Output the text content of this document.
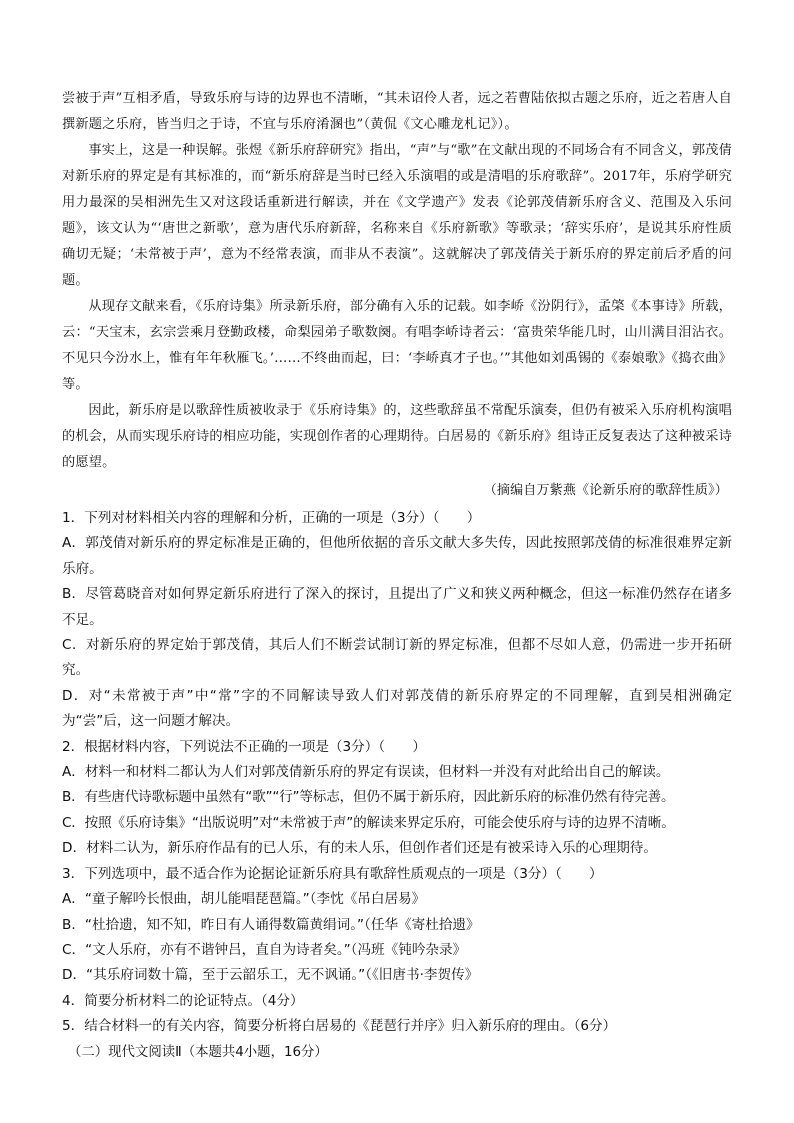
尝被于声”互相矛盾，导致乐府与诗的边界也不清晰，“其未诏伶人者，远之若曹陆依拟古题之乐府，近之若唐人自撰新题之乐府，皆当归之于诗，不宜与乐府淆溷也”（黄侃《文心雕龙札记》）。

事实上，这是一种误解。张煜《新乐府辞研究》指出，“声”与“歌”在文献出现的不同场合有不同含义，郭茂倩对新乐府的界定是有其标准的，而“新乐府辞是当时已经入乐演唱的或是清唱的乐府歌辞”。2017年，乐府学研究用力最深的吴相洲先生又对这段话重新进行解读，并在《文学遗产》发表《论郭茂倩新乐府含义、范围及入乐问题》，该文认为“‘唐世之新歌’，意为唐代乐府新辞，名称来自《乐府新歌》等歌录；‘辞实乐府’，是说其乐府性质确切无疑；‘未常被于声’，意为不经常表演，而非从不表演”。这就解决了郭茂倩关于新乐府的界定前后矛盾的问题。

从现存文献来看，《乐府诗集》所录新乐府，部分确有入乐的记载。如李峤《汾阴行》，孟棨《本事诗》所载，云：“天宝末，玄宗尝乘月登勤政楼，命梨园弟子歌数阕。有唱李峤诗者云：‘富贵荣华能几时，山川满目泪沾衣。不见只今汾水上，惟有年年秋雁飞。’……不终曲而起，曰：‘李峤真才子也。’”其他如刘禹锡的《泰娘歌》《捣衣曲》等。

因此，新乐府是以歌辞性质被收录于《乐府诗集》的，这些歌辞虽不常配乐演奏，但仍有被采入乐府机构演唱的机会，从而实现乐府诗的相应功能，实现创作者的心理期待。白居易的《新乐府》组诗正反复表达了这种被采诗的愿望。

（摘编自万紫燕《论新乐府的歌辞性质》）

1．下列对材料相关内容的理解和分析，正确的一项是（3分）（　　）

A．郭茂倩对新乐府的界定标准是正确的，但他所依据的音乐文献大多失传，因此按照郭茂倩的标准很难界定新乐府。

B．尽管葛晓音对如何界定新乐府进行了深入的探讨，且提出了广义和狭义两种概念，但这一标准仍然存在诸多不足。

C．对新乐府的界定始于郭茂倩，其后人们不断尝试制订新的界定标准，但都不尽如人意，仍需进一步开拓研究。

D．对“未常被于声”中“常”字的不同解读导致人们对郭茂倩的新乐府界定的不同理解，直到吴相洲确定为“尝”后，这一问题才解决。

2．根据材料内容，下列说法不正确的一项是（3分）（　　）

A．材料一和材料二都认为人们对郭茂倩新乐府的界定有误读，但材料一并没有对此给出自己的解读。

B．有些唐代诗歌标题中虽然有“歌”“行”等标志，但仍不属于新乐府，因此新乐府的标准仍然有待完善。

C．按照《乐府诗集》“出版说明”对“未常被于声”的解读来界定乐府，可能会使乐府与诗的边界不清晰。

D．材料二认为，新乐府作品有的已人乐，有的未人乐，但创作者们还是有被采诗入乐的心理期待。

3．下列选项中，最不适合作为论据论证新乐府具有歌辞性质观点的一项是（3分）（　　）

A．“童子解吟长恨曲，胡儿能唱琵琶篇。”（李忱《吊白居易》

B．“杜拾遗，知不知，昨日有人诵得数篇黄绢词。”（任华《寄杜拾遗》

C．“文人乐府，亦有不谐钟吕，直自为诗者矣。”（冯班《钝吟杂录》

D．“其乐府词数十篇，至于云韶乐工，无不讽诵。”（《旧唐书·李贺传》

4．简要分析材料二的论证特点。（4分）

5．结合材料一的有关内容，简要分析将白居易的《琵琶行并序》归入新乐府的理由。（6分）

（二）现代文阅读Ⅱ（本题共4小题，16分）
